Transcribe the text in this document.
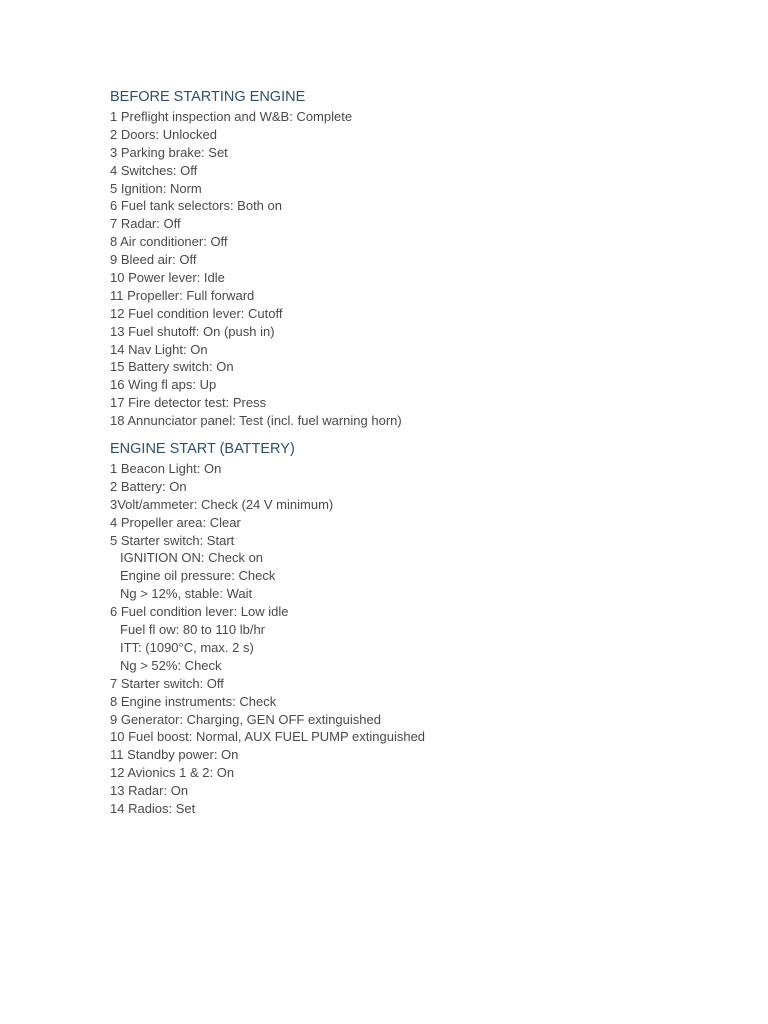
BEFORE STARTING ENGINE
1 Preflight inspection and W&B: Complete
2 Doors: Unlocked
3 Parking brake: Set
4 Switches: Off
5 Ignition: Norm
6 Fuel tank selectors: Both on
7 Radar: Off
8 Air conditioner: Off
9 Bleed air: Off
10 Power lever: Idle
11 Propeller: Full forward
12 Fuel condition lever: Cutoff
13 Fuel shutoff: On (push in)
14 Nav Light: On
15 Battery switch: On
16 Wing fl aps: Up
17 Fire detector test: Press
18 Annunciator panel: Test (incl. fuel warning horn)
ENGINE START (BATTERY)
1 Beacon Light: On
2 Battery: On
3Volt/ammeter: Check (24 V minimum)
4 Propeller area: Clear
5 Starter switch: Start
IGNITION ON: Check on
Engine oil pressure: Check
Ng > 12%, stable: Wait
6 Fuel condition lever: Low idle
Fuel fl ow: 80 to 110 lb/hr
ITT: (1090°C, max. 2 s)
Ng > 52%: Check
7 Starter switch: Off
8 Engine instruments: Check
9 Generator: Charging, GEN OFF extinguished
10 Fuel boost: Normal, AUX FUEL PUMP extinguished
11 Standby power: On
12 Avionics 1 & 2: On
13 Radar: On
14 Radios: Set
